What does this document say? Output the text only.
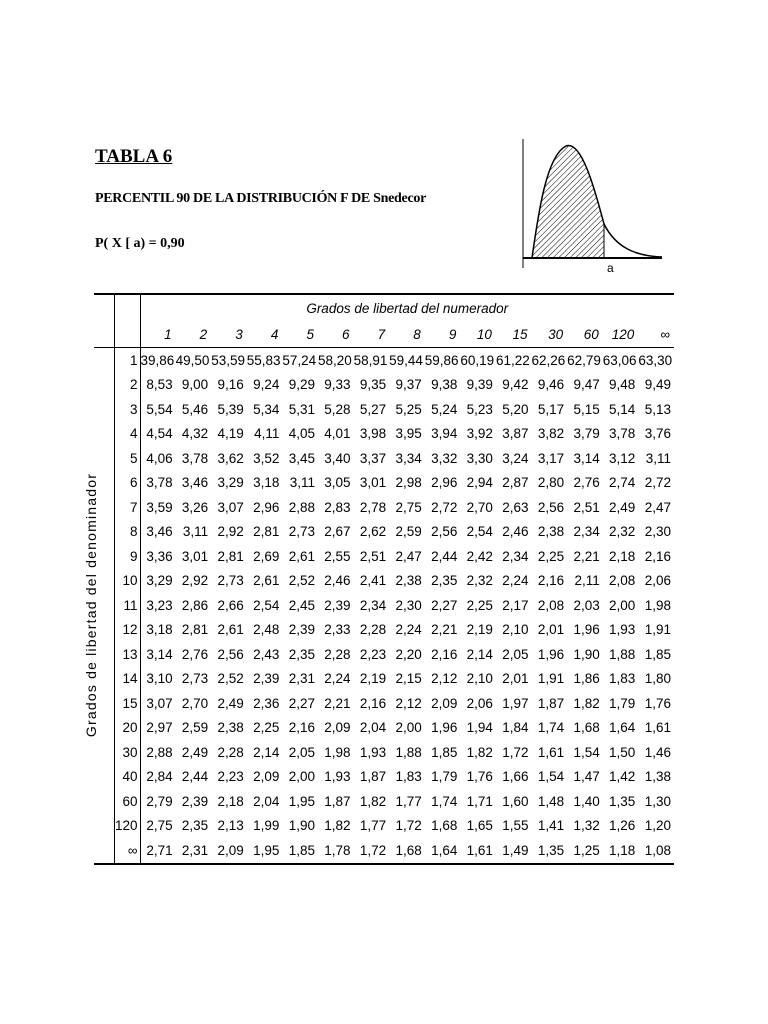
TABLA 6
PERCENTIL 90 DE LA DISTRIBUCIÓN F DE Snedecor
P( X [ a) = 0,90
a
		Grados de libertad del numerador														
		1	2	3	4	5	6	7	8	9	10	15	30	60	120	∞

Grados de libertad del denominador	1	39,86	49,50	53,59	55,83	57,24	58,20	58,91	59,44	59,86	60,19	61,22	62,26	62,79	63,06	63,30
	2	8,53	9,00	9,16	9,24	9,29	9,33	9,35	9,37	9,38	9,39	9,42	9,46	9,47	9,48	9,49
	3	5,54	5,46	5,39	5,34	5,31	5,28	5,27	5,25	5,24	5,23	5,20	5,17	5,15	5,14	5,13
	4	4,54	4,32	4,19	4,11	4,05	4,01	3,98	3,95	3,94	3,92	3,87	3,82	3,79	3,78	3,76
	5	4,06	3,78	3,62	3,52	3,45	3,40	3,37	3,34	3,32	3,30	3,24	3,17	3,14	3,12	3,11
	6	3,78	3,46	3,29	3,18	3,11	3,05	3,01	2,98	2,96	2,94	2,87	2,80	2,76	2,74	2,72
	7	3,59	3,26	3,07	2,96	2,88	2,83	2,78	2,75	2,72	2,70	2,63	2,56	2,51	2,49	2,47
	8	3,46	3,11	2,92	2,81	2,73	2,67	2,62	2,59	2,56	2,54	2,46	2,38	2,34	2,32	2,30
	9	3,36	3,01	2,81	2,69	2,61	2,55	2,51	2,47	2,44	2,42	2,34	2,25	2,21	2,18	2,16
	10	3,29	2,92	2,73	2,61	2,52	2,46	2,41	2,38	2,35	2,32	2,24	2,16	2,11	2,08	2,06
	11	3,23	2,86	2,66	2,54	2,45	2,39	2,34	2,30	2,27	2,25	2,17	2,08	2,03	2,00	1,98
	12	3,18	2,81	2,61	2,48	2,39	2,33	2,28	2,24	2,21	2,19	2,10	2,01	1,96	1,93	1,91
	13	3,14	2,76	2,56	2,43	2,35	2,28	2,23	2,20	2,16	2,14	2,05	1,96	1,90	1,88	1,85
	14	3,10	2,73	2,52	2,39	2,31	2,24	2,19	2,15	2,12	2,10	2,01	1,91	1,86	1,83	1,80
	15	3,07	2,70	2,49	2,36	2,27	2,21	2,16	2,12	2,09	2,06	1,97	1,87	1,82	1,79	1,76
	20	2,97	2,59	2,38	2,25	2,16	2,09	2,04	2,00	1,96	1,94	1,84	1,74	1,68	1,64	1,61
	30	2,88	2,49	2,28	2,14	2,05	1,98	1,93	1,88	1,85	1,82	1,72	1,61	1,54	1,50	1,46
	40	2,84	2,44	2,23	2,09	2,00	1,93	1,87	1,83	1,79	1,76	1,66	1,54	1,47	1,42	1,38
	60	2,79	2,39	2,18	2,04	1,95	1,87	1,82	1,77	1,74	1,71	1,60	1,48	1,40	1,35	1,30
	120	2,75	2,35	2,13	1,99	1,90	1,82	1,77	1,72	1,68	1,65	1,55	1,41	1,32	1,26	1,20
	∞	2,71	2,31	2,09	1,95	1,85	1,78	1,72	1,68	1,64	1,61	1,49	1,35	1,25	1,18	1,08
